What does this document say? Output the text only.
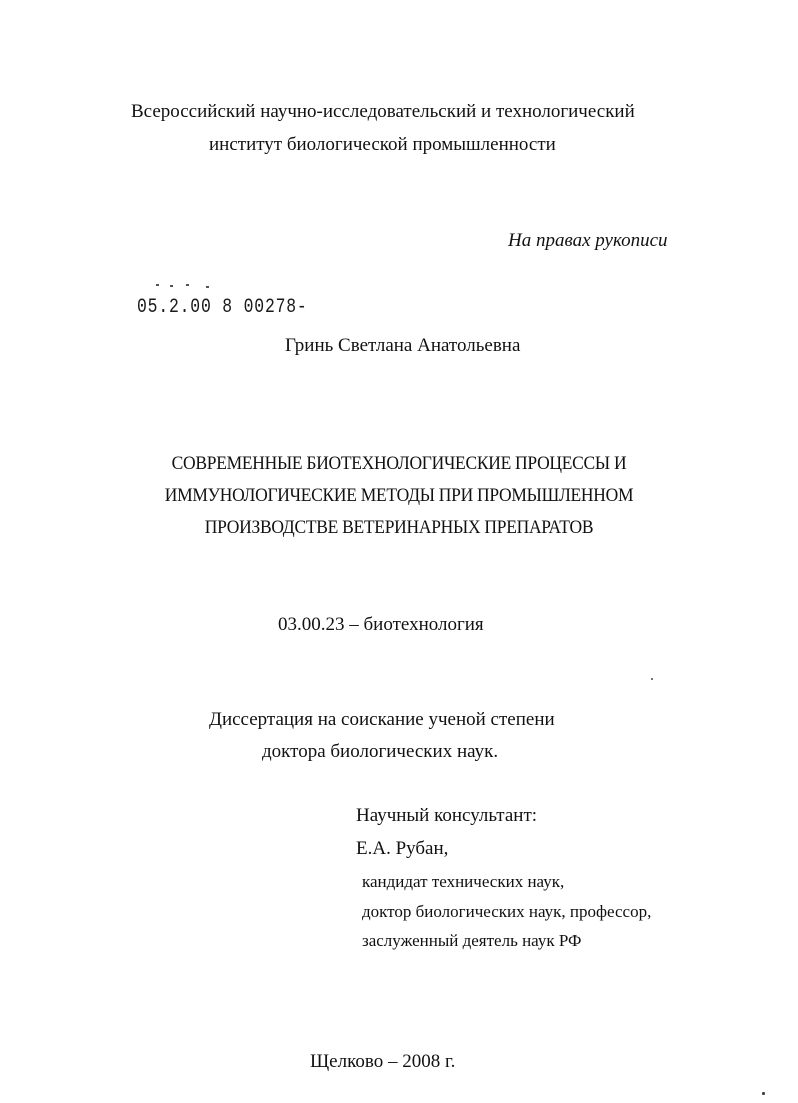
Всероссийский научно-исследовательский и технологический
институт биологической промышленности
На правах рукописи
05.2.00 8 00278-
Гринь Светлана Анатольевна
СОВРЕМЕННЫЕ БИОТЕХНОЛОГИЧЕСКИЕ ПРОЦЕССЫ И
ИММУНОЛОГИЧЕСКИЕ МЕТОДЫ ПРИ ПРОМЫШЛЕННОМ
ПРОИЗВОДСТВЕ ВЕТЕРИНАРНЫХ ПРЕПАРАТОВ
03.00.23 – биотехнология
Диссертация на соискание ученой степени
доктора биологических наук.
Научный консультант:
Е.А. Рубан,
кандидат технических наук,
доктор биологических наук, профессор,
заслуженный деятель наук РФ
Щелково – 2008 г.
